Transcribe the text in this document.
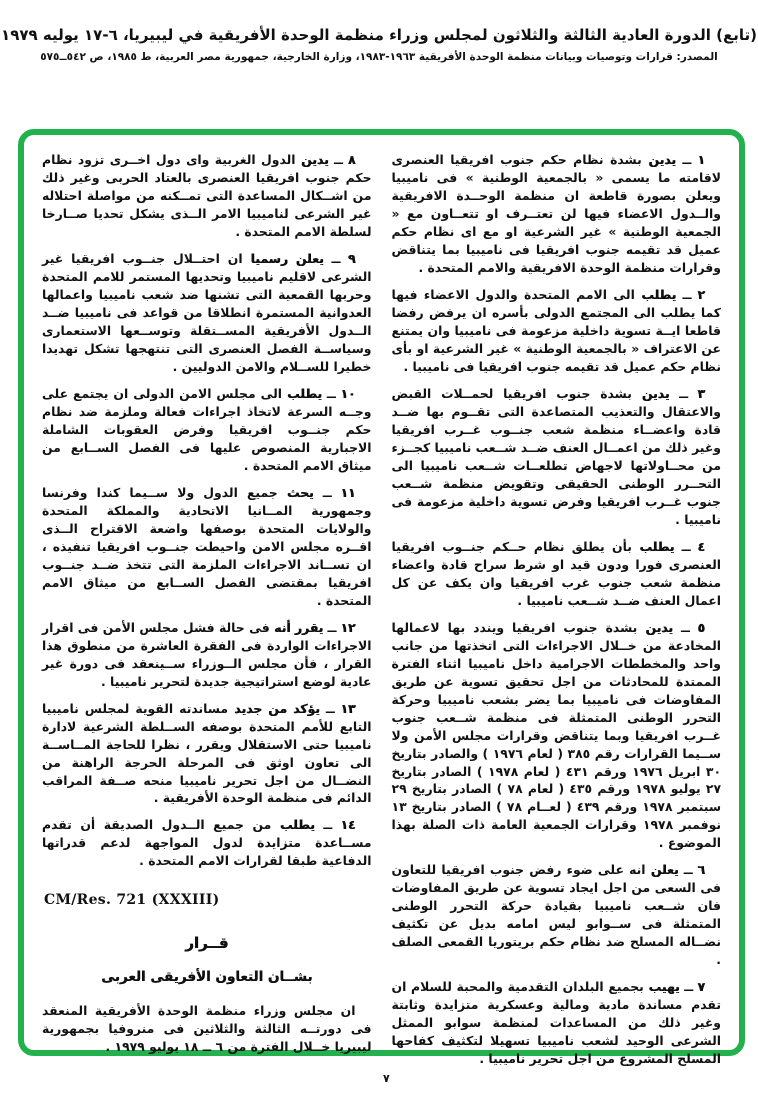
(تابع) الدورة العادية الثالثة والثلاثون لمجلس وزراء منظمة الوحدة الأفريقية في ليبيريا، ٦-١٧ يوليه ١٩٧٩
المصدر: قرارات وتوصيات وبيانات منظمة الوحدة الأفريقية ١٩٦٣-١٩٨٣، وزارة الخارجية، جمهورية مصر العربية، ط ١٩٨٥، ص ٥٤٢ــ٥٧٥

١ ــ يدين بشدة نظام حكم جنوب افريقيا العنصرى لاقامته ما يسمى « بالجمعية الوطنية » فى ناميبيا ويعلن بصورة قاطعة ان منظمة الوحــدة الافريقية والــدول الاعضاء فيها لن تعتــرف او تتعــاون مع « الجمعية الوطنية » غير الشرعية او مع اى نظام حكم عميل قد تقيمه جنوب افريقيا فى ناميبيا بما يتناقض وقرارات منظمة الوحدة الافريقية والامم المتحدة .

٢ ــ يطلب الى الامم المتحدة والدول الاعضاء فيها كما يطلب الى المجتمع الدولى بأسره ان يرفض رفضا قاطعا ايــة تسوية داخلية مزعومة فى ناميبيا وان يمتنع عن الاعتراف « بالجمعية الوطنية » غير الشرعية او بأى نظام حكم عميل قد تقيمه جنوب افريقيا فى ناميبيا .

٣ ــ يدين بشدة جنوب افريقيا لحمــلات القبض والاعتقال والتعذيب المتصاعدة التى تقــوم بها ضــد قادة واعضــاء منظمة شعب جنــوب غــرب افريقيا وغير ذلك من اعمــال العنف ضــد شــعب ناميبيا كجــزء من محــاولاتها لاجهاض تطلعــات شــعب ناميبيا الى التحــرر الوطنى الحقيقى وتقويض منظمة شــعب جنوب غــرب افريقيا وفرض تسوية داخلية مزعومة فى ناميبيا .

٤ ــ يطلب بأن يطلق نظام حــكم جنــوب افريقيا العنصرى فورا ودون قيد او شرط سراح قادة واعضاء منظمة شعب جنوب غرب افريقيا وان يكف عن كل اعمال العنف ضــد شــعب ناميبيا .

٥ ــ يدين بشدة جنوب افريقيا ويندد بها لاعمالها المخادعة من خــلال الاجراءات التى اتخذتها من جانب واحد والمخططات الاجرامية داخل ناميبيا اثناء الفترة الممتدة للمحادثات من اجل تحقيق تسوية عن طريق المفاوضات فى ناميبيا بما يضر بشعب ناميبيا وحركة التحرر الوطنى المتمثلة فى منظمة شــعب جنوب غــرب افريقيا وبما يتناقض وقرارات مجلس الأمن ولا ســيما القرارات رقم ٣٨٥ ( لعام ١٩٧٦ ) والصادر بتاريخ ٣٠ ابريل ١٩٧٦ ورقم ٤٣١ ( لعام ١٩٧٨ ) الصادر بتاريخ ٢٧ يوليو ١٩٧٨ ورقم ٤٣٥ ( لعام ٧٨ ) الصادر بتاريخ ٢٩ سبتمبر ١٩٧٨ ورقم ٤٣٩ ( لعــام ٧٨ ) الصادر بتاريخ ١٣ نوفمبر ١٩٧٨ وقرارات الجمعية العامة ذات الصلة بهذا الموضوع .

٦ ــ يعلن انه على ضوء رفض جنوب افريقيا للتعاون فى السعى من اجل ايجاد تسوية عن طريق المفاوضات فان شــعب ناميبيا بقيادة حركة التحرر الوطنى المتمثلة فى ســوابو ليس امامه بديل عن تكثيف نضــاله المسلح ضد نظام حكم بريتوريا القمعى الصلف .

٧ ــ يهيب بجميع البلدان التقدمية والمحبة للسلام ان تقدم مساندة مادية ومالية وعسكرية متزايدة وثابتة وغير ذلك من المساعدات لمنظمة سوابو الممثل الشرعى الوحيد لشعب ناميبيا تسهيلا لتكثيف كفاحها المسلح المشروع من اجل تحرير ناميبيا .

٨ ــ يدين الدول الغربية واى دول اخــرى تزود نظام حكم جنوب افريقيا العنصرى بالعتاد الحربى وغير ذلك من اشــكال المساعدة التى تمــكنه من مواصلة احتلاله غير الشرعى لناميبيا الامر الــذى يشكل تحديا صــارخا لسلطة الامم المتحدة .

٩ ــ يعلن رسميا ان احتــلال جنــوب افريقيا غير الشرعى لاقليم ناميبيا وتحديها المستمر للامم المتحدة وحربها القمعية التى تشنها ضد شعب ناميبيا واعمالها العدوانية المستمرة انطلاقا من قواعد فى ناميبيا ضــد الــدول الأفريقية المســتقلة وتوســعها الاستعمارى وسياســة الفصل العنصرى التى تنتهجها تشكل تهديدا خطيرا للســلام والامن الدوليين .

١٠ ــ يطلب الى مجلس الامن الدولى ان يجتمع على وجــه السرعة لاتخاذ اجراءات فعالة وملزمة ضد نظام حكم جنــوب افريقيا وفرض العقوبات الشاملة الاجبارية المنصوص عليها فى الفصل الســابع من ميثاق الامم المتحدة .

١١ ــ يحث جميع الدول ولا ســيما كندا وفرنسا وجمهورية المــانيا الاتحادية والمملكة المتحدة والولايات المتحدة بوصفها واضعة الاقتراح الــذى اقــره مجلس الامن واحيطت جنــوب افريقيا تنفيذه ، ان تســاند الاجراءات الملزمة التى تتخذ ضــد جنــوب افريقيا بمقتضى الفصل الســابع من ميثاق الامم المتحدة .

١٢ ــ يقرر أنه فى حالة فشل مجلس الأمن فى اقرار الاجراءات الواردة فى الفقرة العاشرة من منطوق هذا القرار ، فأن مجلس الــوزراء ســينعقد فى دورة غير عادية لوضع استراتيجية جديدة لتحرير ناميبيا .

١٣ ــ يؤكد من جديد مساندته القوية لمجلس ناميبيا التابع للأمم المتحدة بوصفه الســلطة الشرعية لادارة ناميبيا حتى الاستقلال ويقرر ، نظرا للحاجة المــاســة الى تعاون اوثق فى المرحلة الحرجة الراهنة من النضــال من اجل تحرير ناميبيا منحه صــفة المراقب الدائم فى منظمة الوحدة الأفريقية .

١٤ ــ يطلب من جميع الــدول الصديقة أن تقدم مســاعدة متزايدة لدول المواجهة لدعم قدراتها الدفاعية طبقا لقرارات الامم المتحدة .

CM/Res. 721 (XXXIII)

قــرار

بشــان التعاون الأفريقى العربى

ان مجلس وزراء منظمة الوحدة الأفريقية المنعقد فى دورتــه الثالثة والثلاثين فى منروفيا بجمهورية ليبيريا خــلال الفترة من ٦ ــ ١٨ يوليو ١٩٧٩ .

٧
